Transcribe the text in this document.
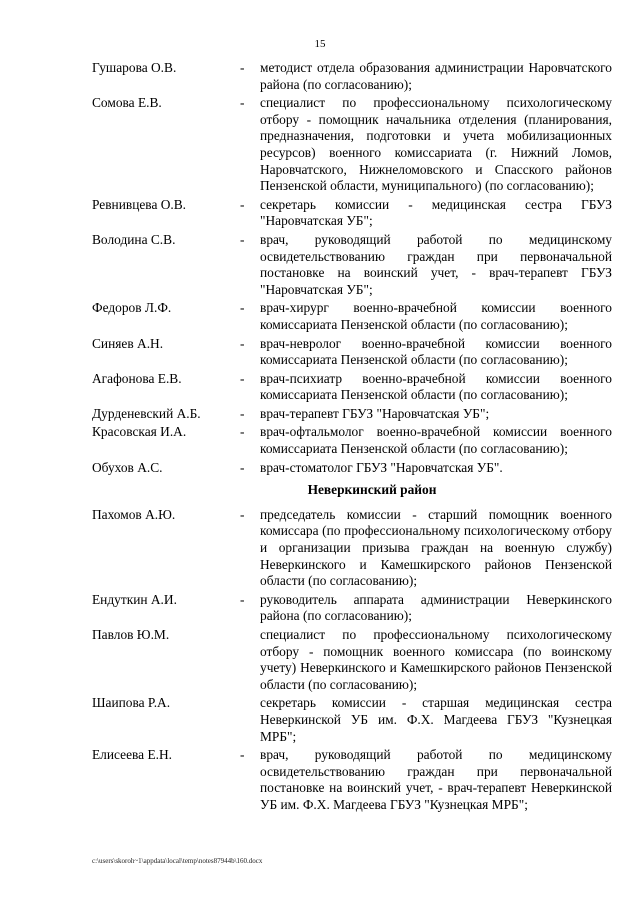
15
Гушарова О.В.	-	методист отдела образования администрации Наровчатского района (по согласованию);
Сомова Е.В.	-	специалист по профессиональному психологическому отбору - помощник начальника отделения (планирования, предназначения, подготовки и учета мобилизационных ресурсов) военного комиссариата (г. Нижний Ломов, Наровчатского, Нижнеломовского и Спасского районов Пензенской области, муниципального) (по согласованию);
Ревнивцева О.В.	-	секретарь комиссии - медицинская сестра ГБУЗ "Наровчатская УБ";
Володина С.В.	-	врач, руководящий работой по медицинскому освидетельствованию граждан при первоначальной постановке на воинский учет, - врач-терапевт ГБУЗ "Наровчатская УБ";
Федоров Л.Ф.	-	врач-хирург военно-врачебной комиссии военного комиссариата Пензенской области (по согласованию);
Синяев А.Н.	-	врач-невролог военно-врачебной комиссии военного комиссариата Пензенской области (по согласованию);
Агафонова Е.В.	-	врач-психиатр военно-врачебной комиссии военного комиссариата Пензенской области (по согласованию);
Дурденевский А.Б.	-	врач-терапевт ГБУЗ "Наровчатская УБ";
Красовская И.А.	-	врач-офтальмолог военно-врачебной комиссии военного комиссариата Пензенской области (по согласованию);
Обухов А.С.	-	врач-стоматолог ГБУЗ "Наровчатская УБ".
Неверкинский район
Пахомов А.Ю.	-	председатель комиссии - старший помощник военного комиссара (по профессиональному психологическому отбору и организации призыва граждан на военную службу) Неверкинского и Камешкирского районов Пензенской области (по согласованию);
Ендуткин А.И.	-	руководитель аппарата администрации Неверкинского района (по согласованию);
Павлов Ю.М.	специалист по профессиональному психологическому отбору - помощник военного комиссара (по воинскому учету) Неверкинского и Камешкирского районов Пензенской области (по согласованию);
Шаипова Р.А.	секретарь комиссии - старшая медицинская сестра Неверкинской УБ им. Ф.Х. Магдеева ГБУЗ "Кузнецкая МРБ";
Елисеева Е.Н.	-	врач, руководящий работой по медицинскому освидетельствованию граждан при первоначальной постановке на воинский учет, - врач-терапевт Неверкинской УБ им. Ф.Х. Магдеева ГБУЗ "Кузнецкая МРБ";
c:\users\skoroh~1\appdata\local\temp\notes87944b\160.docx
